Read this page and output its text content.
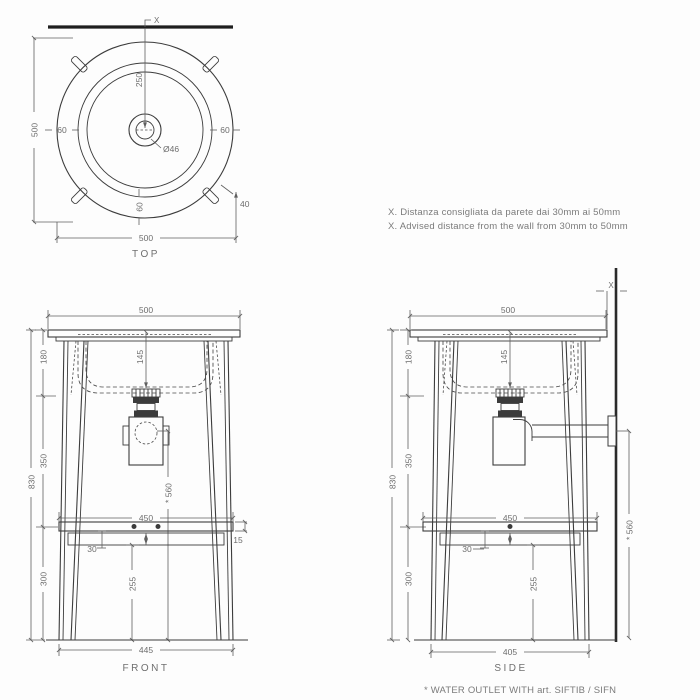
X
250
Ø46
60	60
60	40
500
500
TOP
500
145
180
350
300
830
* 560
450
15
30
255
445
FRONT
X
500
145
180
350
300
830
* 560
450
30
255
405
SIDE
X. Distanza consigliata da parete dai 30mm ai 50mm
X. Advised distance from the wall from 30mm to 50mm
* WATER OUTLET WITH art. SIFTIB / SIFN
